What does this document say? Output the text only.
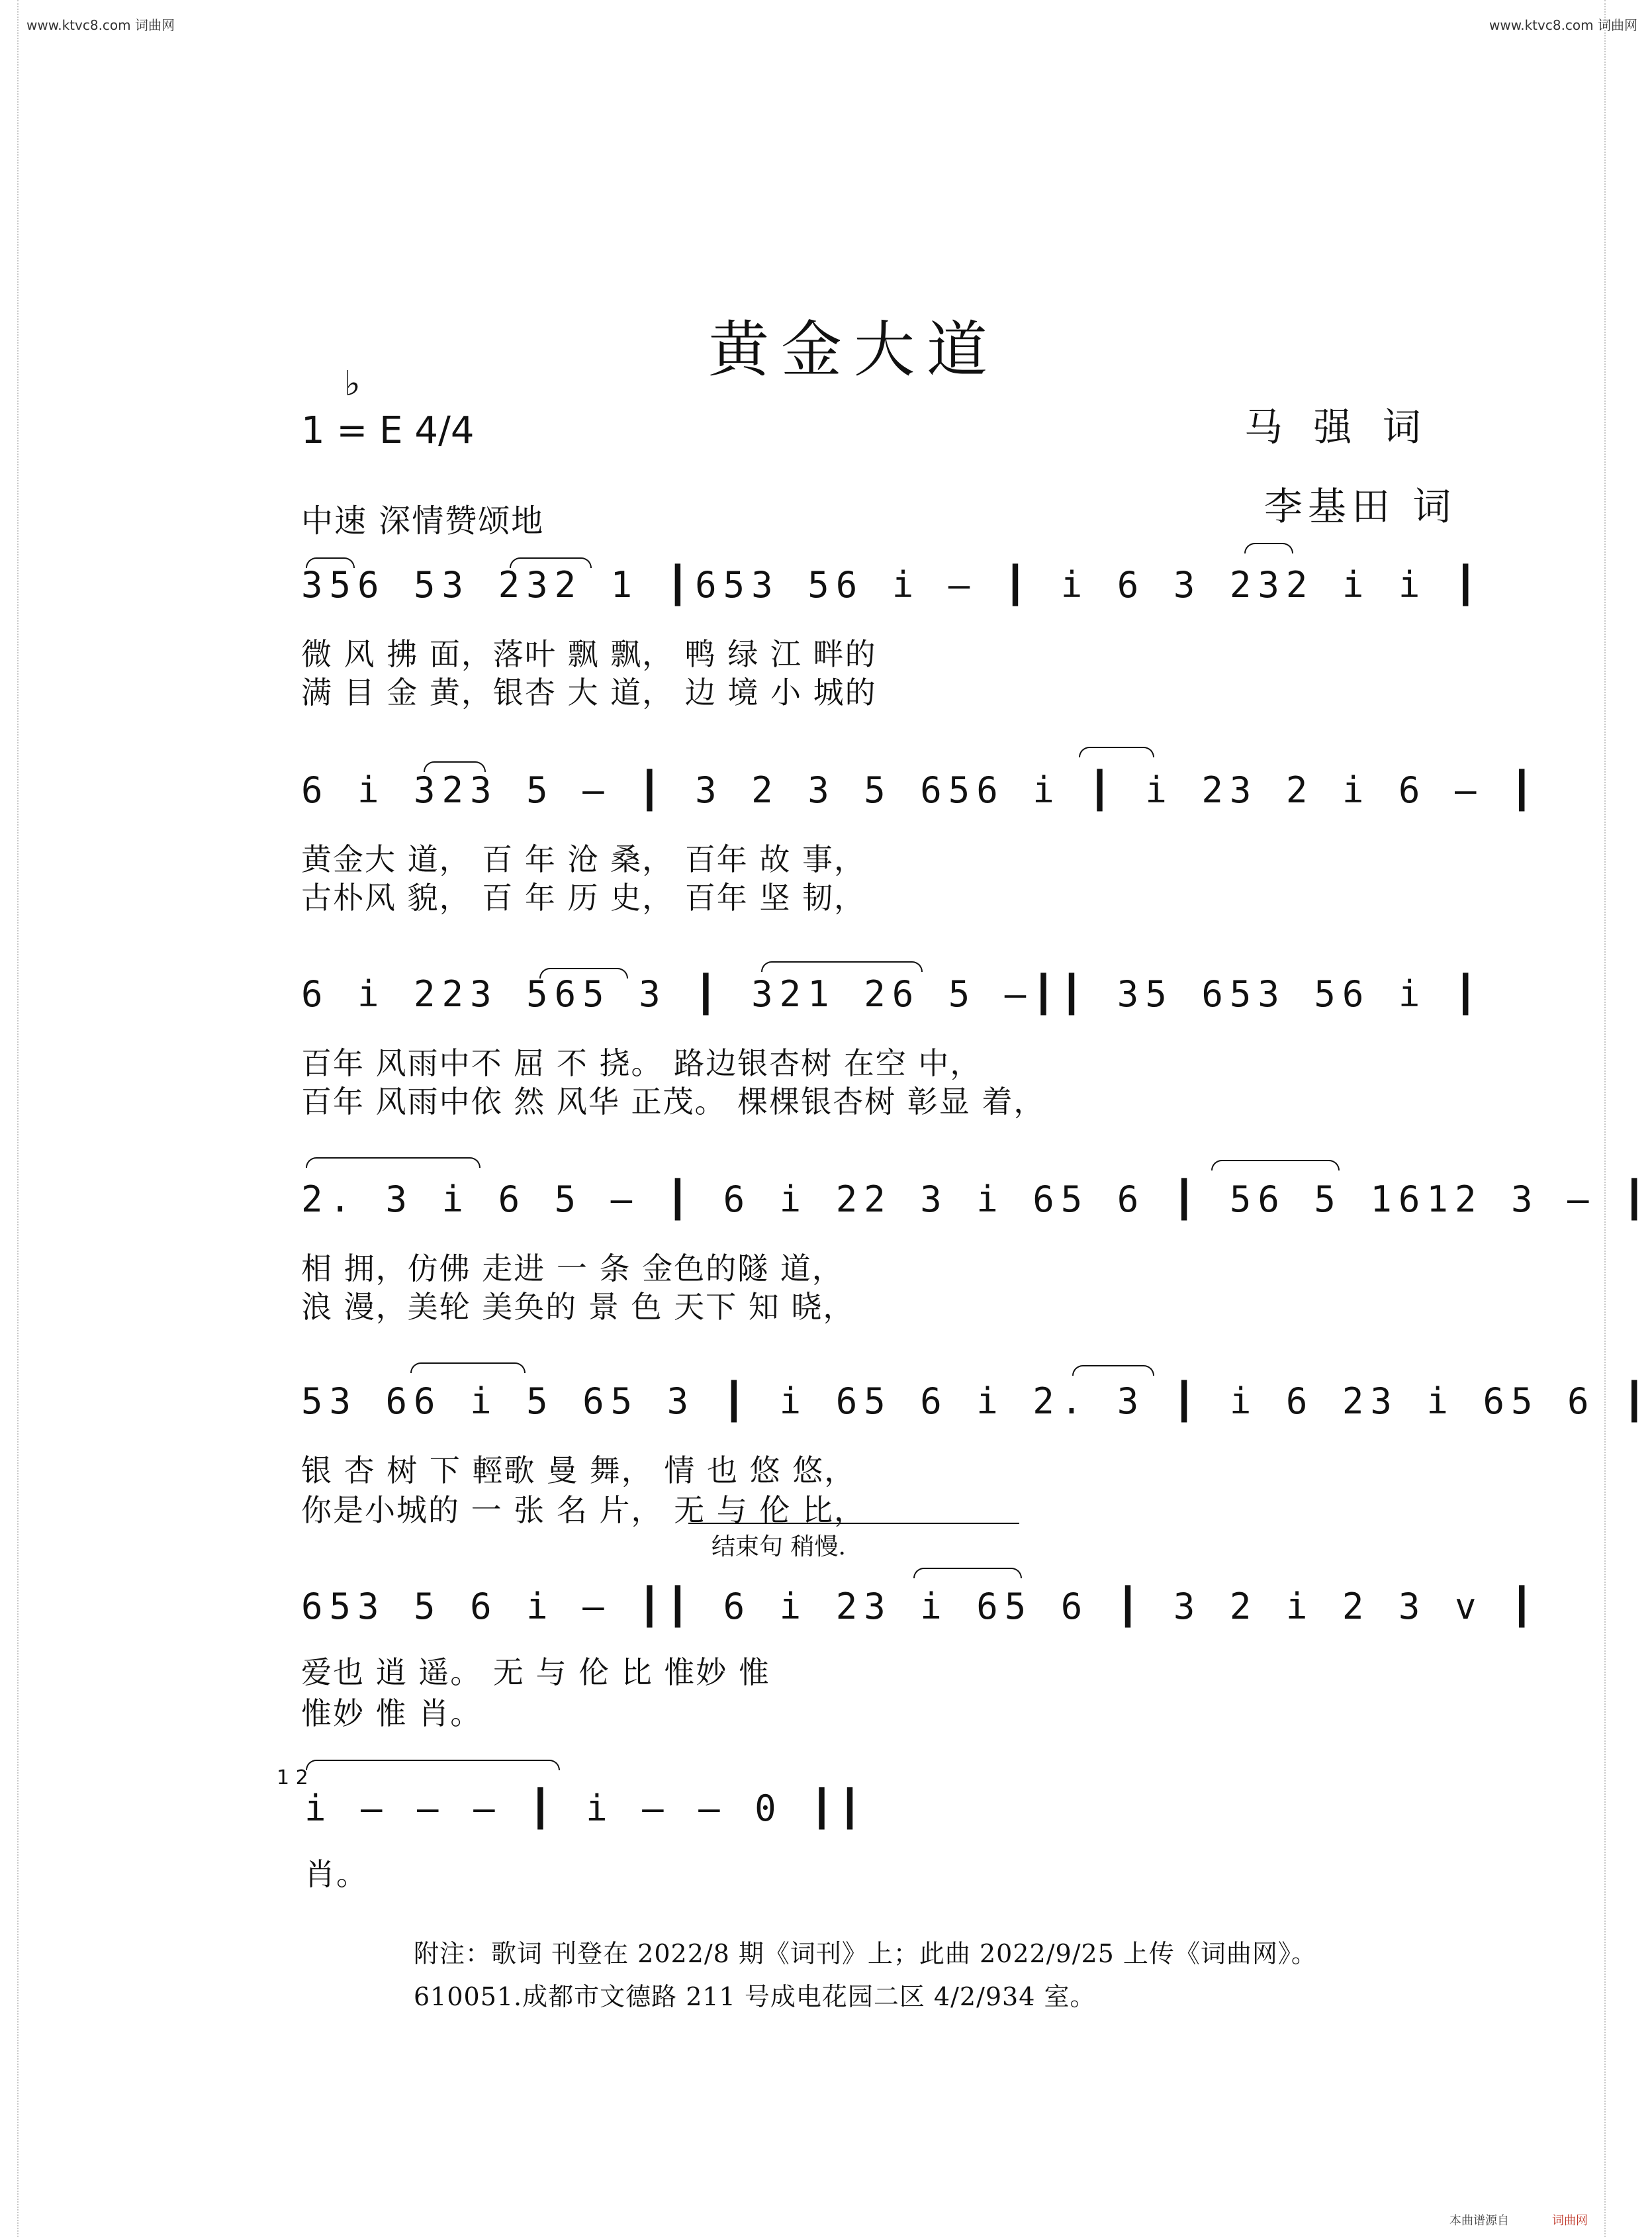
www.ktvc8.com 词曲网	www.ktvc8.com 词曲网
黄金大道
♭
1 = E 4/4	马 强 词
李基田 词
中速 深情赞颂地
356 53 232 1 ┃653 56 i — ┃ i 6 3 232 i i ┃
微 风 拂 面，落叶 飘 飘， 鸭 绿 江 畔的
满 目 金 黄，银杏 大 道， 边 境 小 城的
6 i 323 5 — ┃ 3 2 3 5 656 i ┃ i 23 2 i 6 — ┃
黄金大 道， 百 年 沧 桑， 百年 故 事，
古朴风 貌， 百 年 历 史， 百年 坚 韧，
6 i 223 565 3 ┃ 321 26 5 —┃┃ 35 653 56 i ┃
百年 风雨中不 屈 不 挠。 路边银杏树 在空 中，
百年 风雨中依 然 风华 正茂。 棵棵银杏树 彰显 着，
2. 3 i 6 5 — ┃ 6 i 22 3 i 65 6 ┃ 56 5 1612 3 — ┃
相 拥，仿佛 走进 一 条 金色的隧 道，
浪 漫，美轮 美奂的 景 色 天下 知 晓，
53 66 i 5 65 3 ┃ i 65 6 i 2. 3 ┃ i 6 23 i 65 6 ┃
银 杏 树 下 輕歌 曼 舞， 情 也 悠 悠，
你是小城的 一 张 名 片， 无 与 伦 比，
结束句 稍慢.
653 5 6 i — ┃┃ 6 i 23 i 65 6 ┃ 3 2 i 2 3 v ┃
爱也 逍 遥。 无 与 伦 比 惟妙 惟
惟妙 惟 肖。
1 2
i — — — ┃ i — — 0 ┃┃
肖。
附注：歌词 刊登在 2022/8 期《词刊》上；此曲 2022/9/25 上传《词曲网》。
610051.成都市文德路 211 号成电花园二区 4/2/934 室。
本曲谱源自	词曲网
